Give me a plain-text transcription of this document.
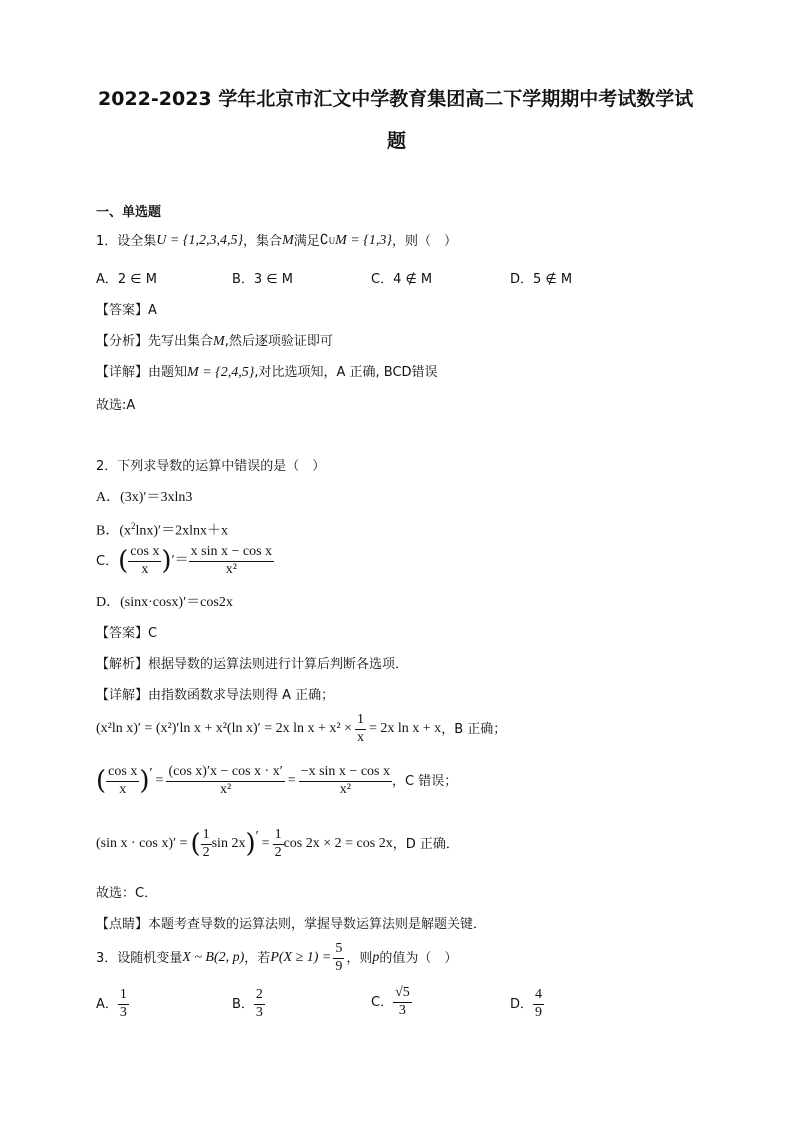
2022-2023 学年北京市汇文中学教育集团高二下学期期中考试数学试
题
一、单选题
1．设全集 U = {1,2,3,4,5} ，集合 M 满足 ∁ U M = {1,3} ，则（　）
A．2 ∈ M	B．3 ∈ M	C．4 ∉ M	D．5 ∉ M
【答案】A
【分析】先写出集合M,然后逐项验证即可
【详解】由题知M = {2,4,5},对比选项知，A 正确, BCD错误
故选:A
2．下列求导数的运算中错误的是（　）
A．(3x)′＝3xln3
B．$(x^2\ln x)'=2xlnx+x$
C． ( $\frac{\text{cos x}}{x}$ ) ′＝ $\frac{\text{x sin x − cos x}}{\text{x²}}$
D．(sinx·cosx)′＝cos2x
【答案】C
【解析】根据导数的运算法则进行计算后判断各选项．
【详解】由指数函数求导法则得 A 正确；
(x²ln x)′ = (x²)′ln x + x²(ln x)′ = 2x $\ln x + x^2 \times \frac{1}{x} = 2x$ ln x + x ，B 正确；
( $\frac{\text{cos x}}{x}$ ) ′ = $\frac{\text{(cos x)′x − cos x · x′}}{\text{x²}} = \frac{\text{−x sin x − cos x}}{\text{x²}}$ ，C 错误；
(sin x · cos x)′ = ( $\frac{1}{2}$ sin 2x ) ′ = $\frac{1}{2}$ cos 2x × 2 = cos 2x ，D 正确．
故选：C．
【点睛】本题考查导数的运算法则，掌握导数运算法则是解题关键．
3．设随机变量 X ~ B(2, p) ，若 $P(X \ge 1) = \frac{5}{9}$ ，则 p 的值为（　）
A． $\frac{1}{3}$	B． $\frac{2}{3}$	C． $\frac{√5}{3}$	D． $\frac{4}{9}$
